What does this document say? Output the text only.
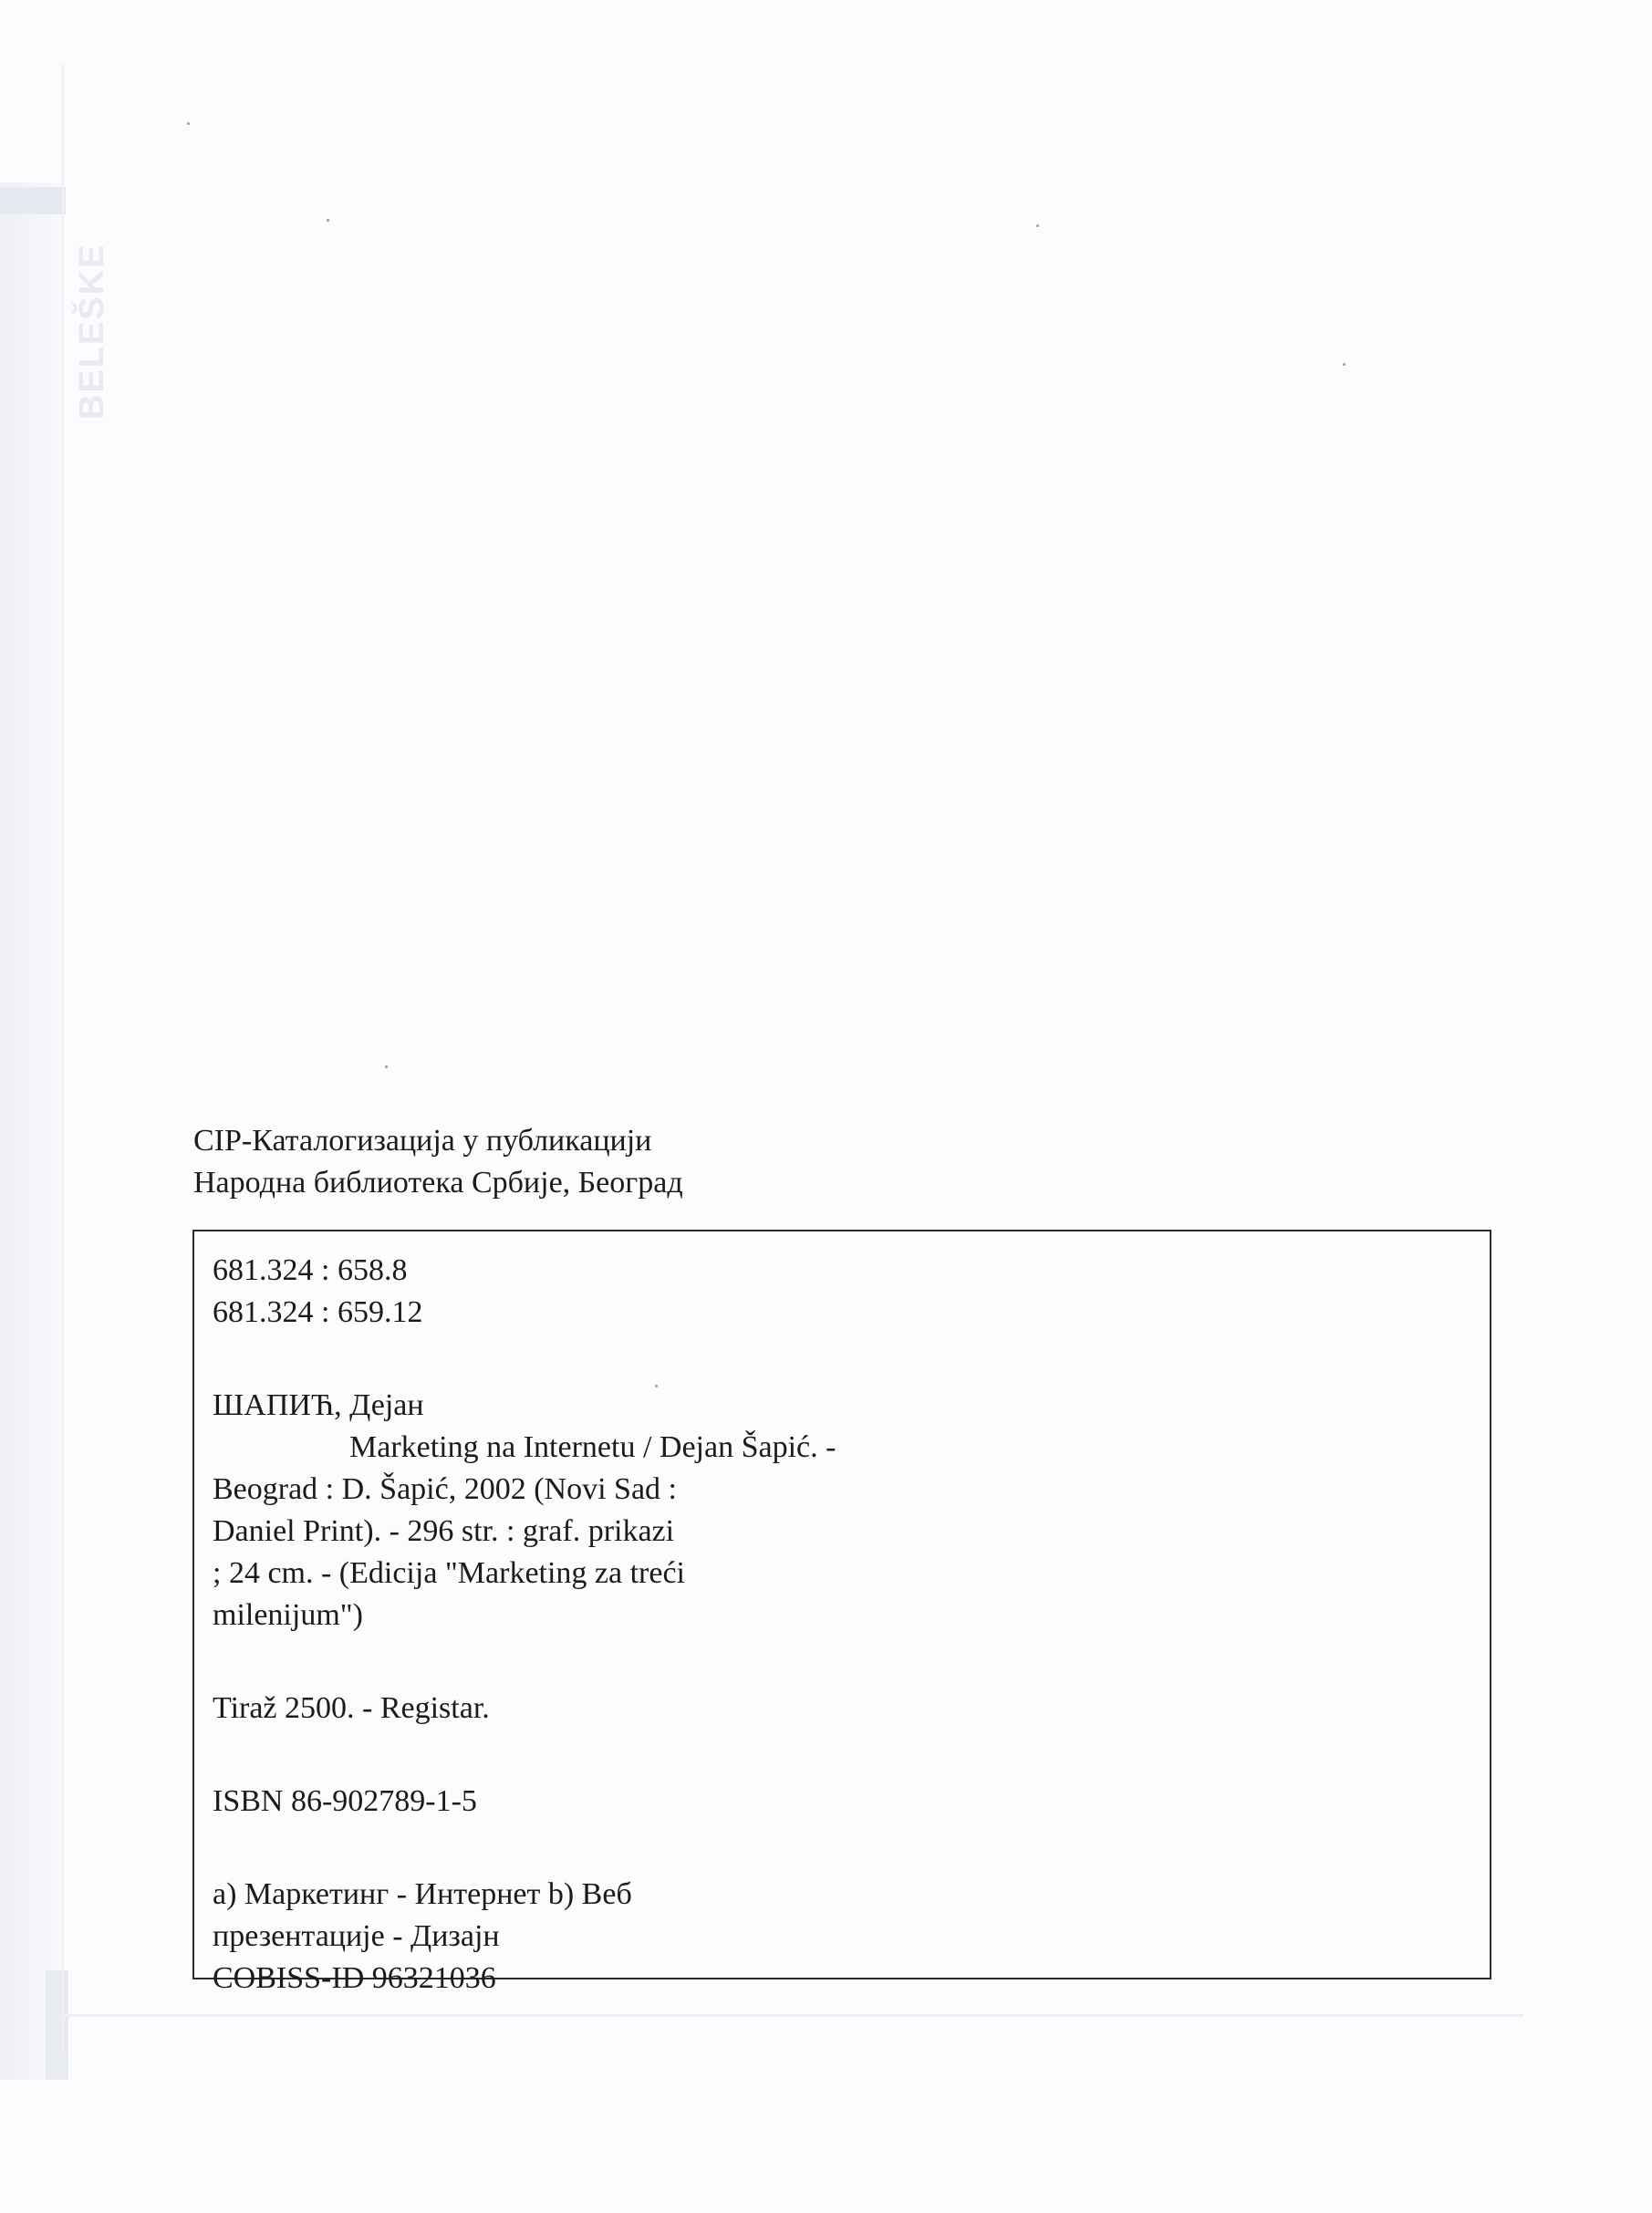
BELEŠKE
CIP-Каталогизација у публикацији
Народна библиотека Србије, Београд
681.324 : 658.8
681.324 : 659.12
ШАПИЋ, Дејан
Marketing na Internetu / Dejan Šapić. -
Beograd : D. Šapić, 2002 (Novi Sad :
Daniel Print). - 296 str. : graf. prikazi
; 24 cm. - (Edicija "Marketing za treći
milenijum")
Tiraž 2500. - Registar.
ISBN 86-902789-1-5
а) Маркетинг - Интернет b) Веб
презентације - Дизајн
COBISS-ID 96321036
